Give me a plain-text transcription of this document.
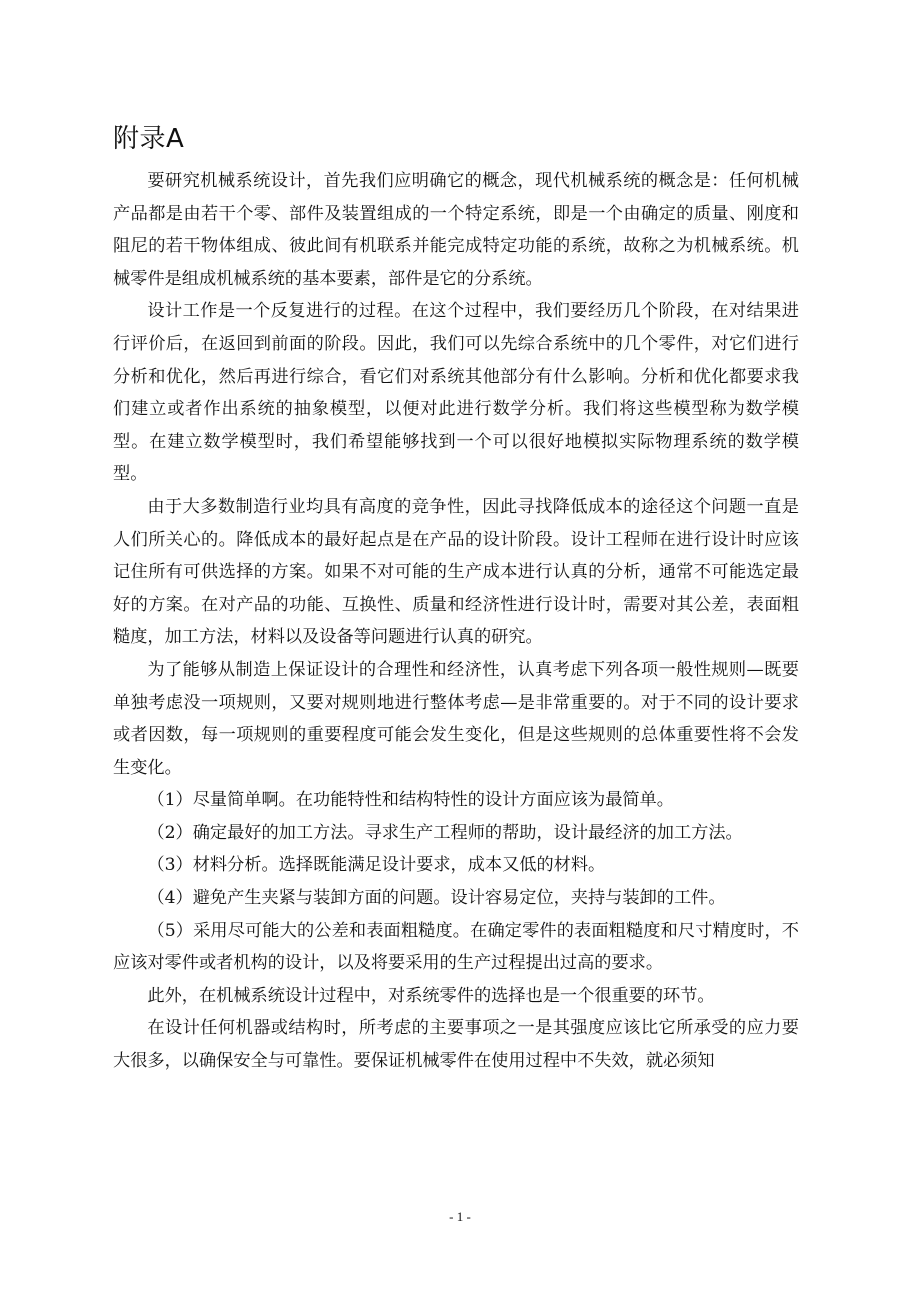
附录A

要研究机械系统设计，首先我们应明确它的概念，现代机械系统的概念是：任何机械产品都是由若干个零、部件及装置组成的一个特定系统，即是一个由确定的质量、刚度和阻尼的若干物体组成、彼此间有机联系并能完成特定功能的系统，故称之为机械系统。机械零件是组成机械系统的基本要素，部件是它的分系统。

设计工作是一个反复进行的过程。在这个过程中，我们要经历几个阶段，在对结果进行评价后，在返回到前面的阶段。因此，我们可以先综合系统中的几个零件，对它们进行分析和优化，然后再进行综合，看它们对系统其他部分有什么影响。分析和优化都要求我们建立或者作出系统的抽象模型，以便对此进行数学分析。我们将这些模型称为数学模型。在建立数学模型时，我们希望能够找到一个可以很好地模拟实际物理系统的数学模型。

由于大多数制造行业均具有高度的竞争性，因此寻找降低成本的途径这个问题一直是人们所关心的。降低成本的最好起点是在产品的设计阶段。设计工程师在进行设计时应该记住所有可供选择的方案。如果不对可能的生产成本进行认真的分析，通常不可能选定最好的方案。在对产品的功能、互换性、质量和经济性进行设计时，需要对其公差，表面粗糙度，加工方法，材料以及设备等问题进行认真的研究。

为了能够从制造上保证设计的合理性和经济性，认真考虑下列各项一般性规则—既要单独考虑没一项规则，又要对规则地进行整体考虑—是非常重要的。对于不同的设计要求或者因数，每一项规则的重要程度可能会发生变化，但是这些规则的总体重要性将不会发生变化。

（1）尽量简单啊。在功能特性和结构特性的设计方面应该为最简单。

（2）确定最好的加工方法。寻求生产工程师的帮助，设计最经济的加工方法。

（3）材料分析。选择既能满足设计要求，成本又低的材料。

（4）避免产生夹紧与装卸方面的问题。设计容易定位，夹持与装卸的工件。

（5）采用尽可能大的公差和表面粗糙度。在确定零件的表面粗糙度和尺寸精度时，不应该对零件或者机构的设计，以及将要采用的生产过程提出过高的要求。

此外，在机械系统设计过程中，对系统零件的选择也是一个很重要的环节。

在设计任何机器或结构时，所考虑的主要事项之一是其强度应该比它所承受的应力要大很多，以确保安全与可靠性。要保证机械零件在使用过程中不失效，就必须知

- 1 -
